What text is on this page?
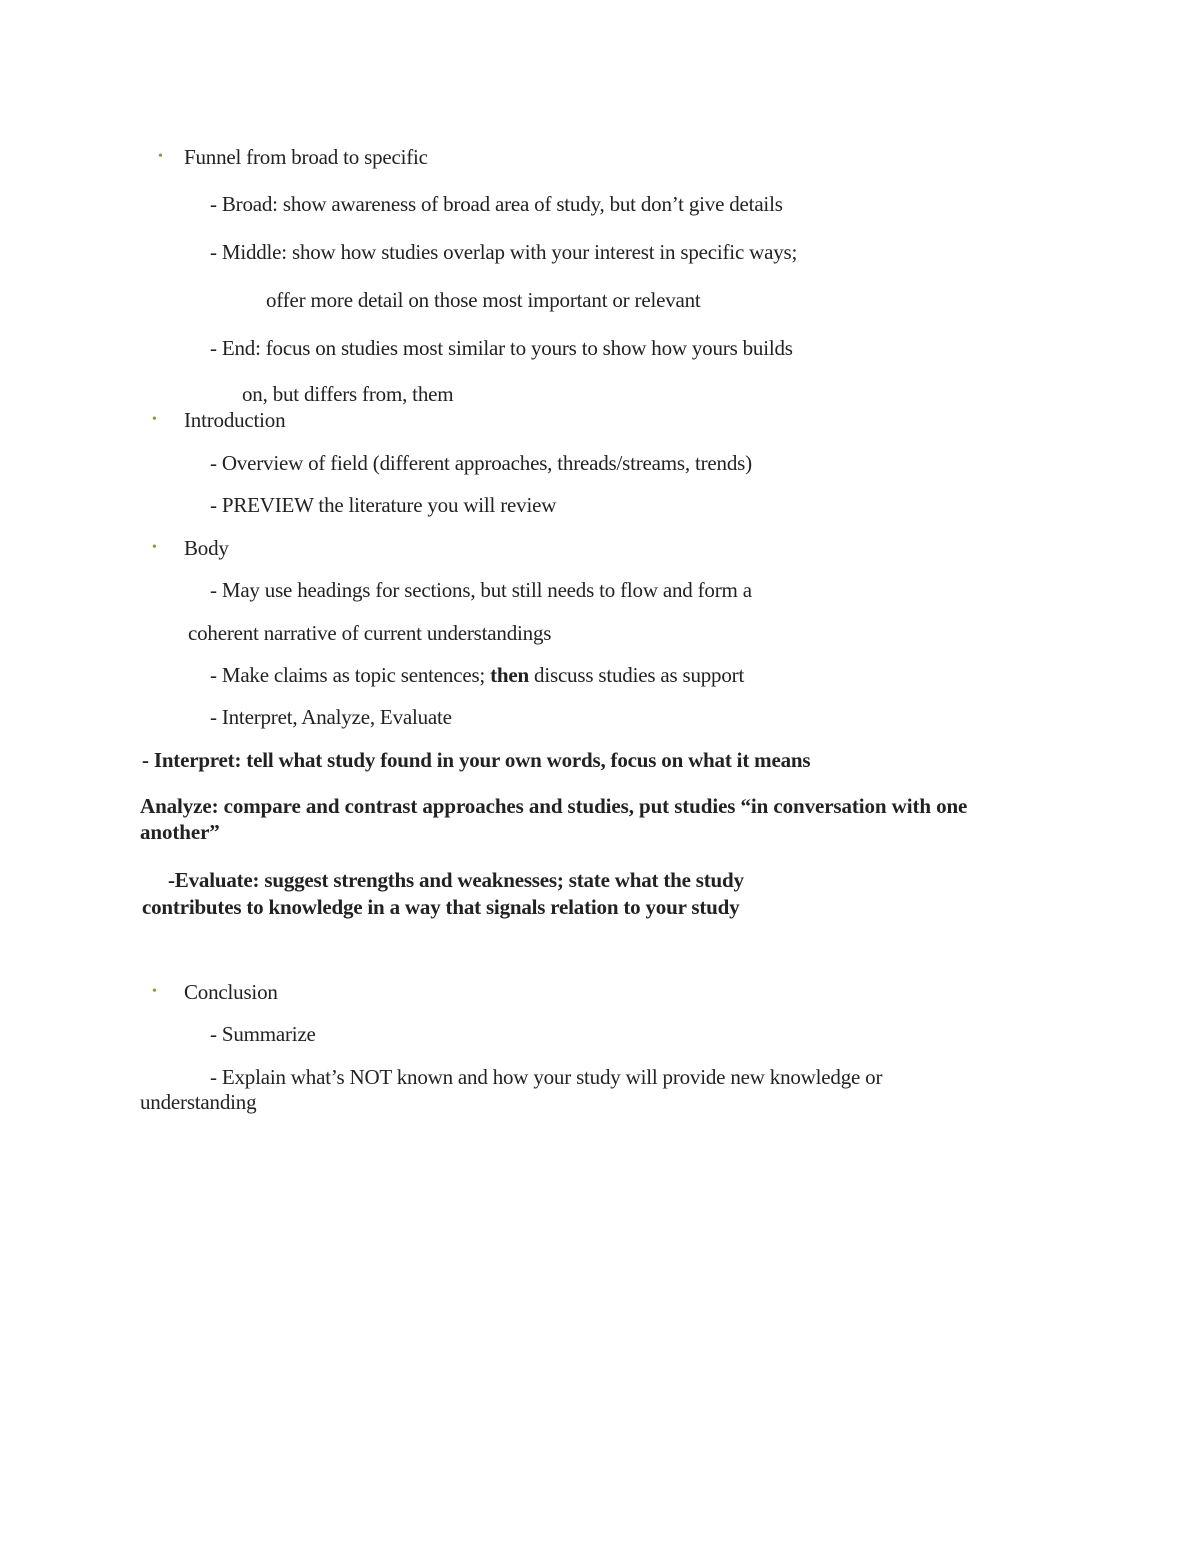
• Funnel from broad to specific
- Broad: show awareness of broad area of study, but don’t give details
- Middle: show how studies overlap with your interest in specific ways;
offer more detail on those most important or relevant
- End: focus on studies most similar to yours to show how yours builds
on, but differs from, them
• Introduction
- Overview of field (different approaches, threads/streams, trends)
- PREVIEW the literature you will review
• Body
- May use headings for sections, but still needs to flow and form a
coherent narrative of current understandings
- Make claims as topic sentences; then discuss studies as support
- Interpret, Analyze, Evaluate
- Interpret: tell what study found in your own words, focus on what it means
Analyze: compare and contrast approaches and studies, put studies “in conversation with one another”
-Evaluate: suggest strengths and weaknesses; state what the study
contributes to knowledge in a way that signals relation to your study
• Conclusion
- Summarize
- Explain what’s NOT known and how your study will provide new knowledge or
understanding
